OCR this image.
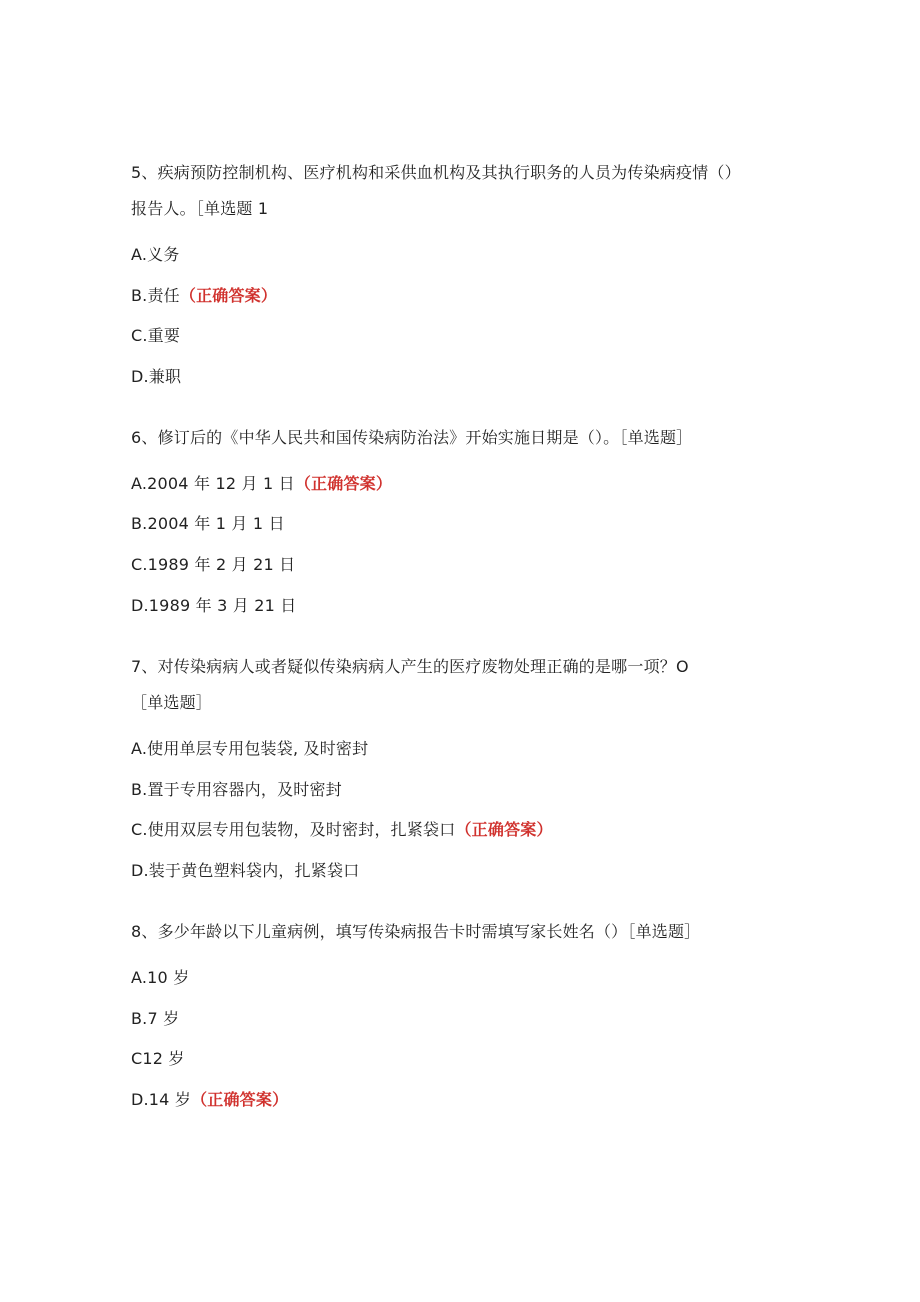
5、疾病预防控制机构、医疗机构和采供血机构及其执行职务的人员为传染病疫情（）
报告人。［单选题 1
A.义务
B.责任（正确答案）
C.重要
D.兼职
6、修订后的《中华人民共和国传染病防治法》开始实施日期是（）。［单选题］
A.2004 年 12 月 1 日（正确答案）
B.2004 年 1 月 1 日
C.1989 年 2 月 21 日
D.1989 年 3 月 21 日
7、对传染病病人或者疑似传染病病人产生的医疗废物处理正确的是哪一项？O
［单选题］
A.使用单层专用包装袋, 及时密封
B.置于专用容器内，及时密封
C.使用双层专用包装物，及时密封，扎紧袋口（正确答案）
D.装于黄色塑料袋内，扎紧袋口
8、多少年龄以下儿童病例，填写传染病报告卡时需填写家长姓名（）［单选题］
A.10 岁
B.7 岁
C12 岁
D.14 岁（正确答案）
